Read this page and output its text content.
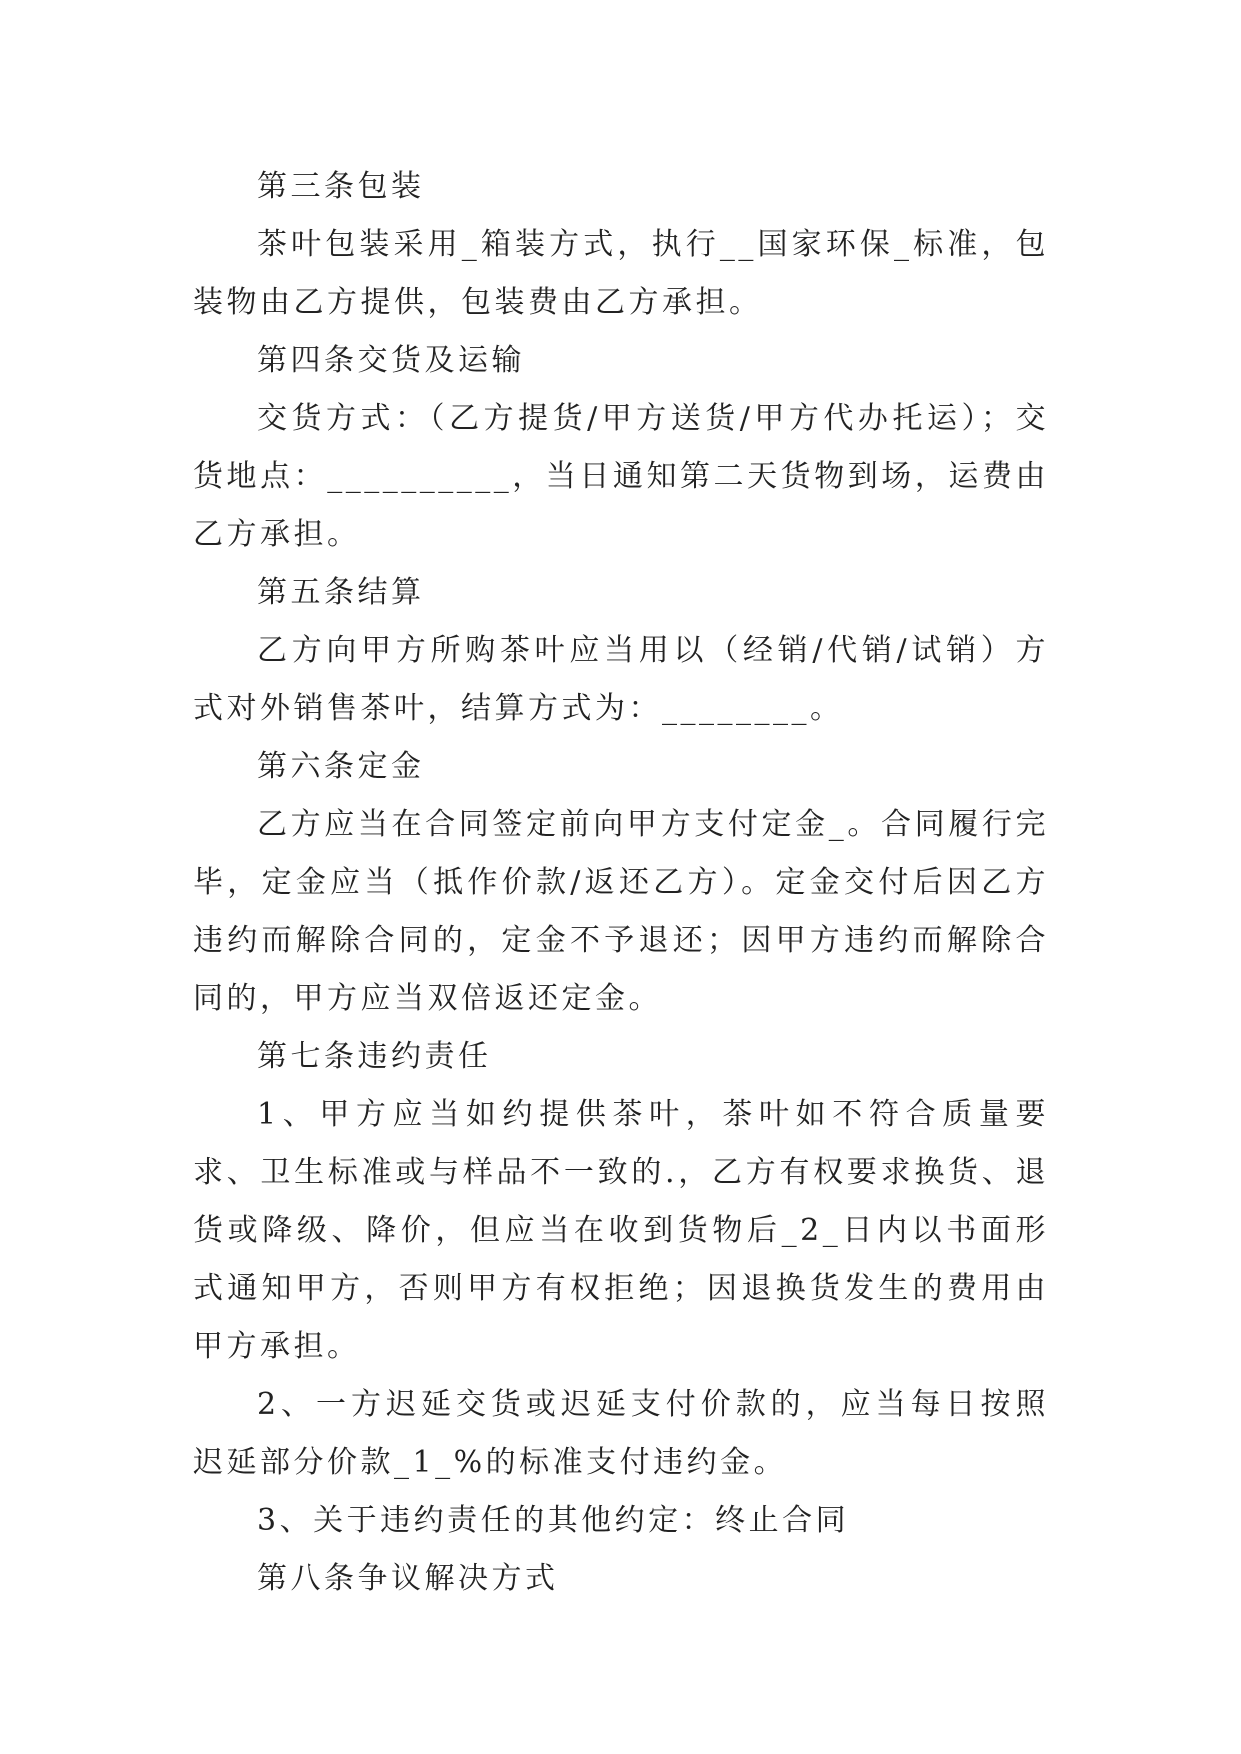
第三条包装

茶叶包装采用_箱装方式，执行__国家环保_标准，包装物由乙方提供，包装费由乙方承担。

第四条交货及运输

交货方式：（乙方提货/甲方送货/甲方代办托运）；交货地点：__________，当日通知第二天货物到场，运费由乙方承担。

第五条结算

乙方向甲方所购茶叶应当用以（经销/代销/试销）方式对外销售茶叶，结算方式为：________。

第六条定金

乙方应当在合同签定前向甲方支付定金_。合同履行完毕，定金应当（抵作价款/返还乙方）。定金交付后因乙方违约而解除合同的，定金不予退还；因甲方违约而解除合同的，甲方应当双倍返还定金。

第七条违约责任

1、甲方应当如约提供茶叶，茶叶如不符合质量要求、卫生标准或与样品不一致的.，乙方有权要求换货、退货或降级、降价，但应当在收到货物后_2_日内以书面形式通知甲方，否则甲方有权拒绝；因退换货发生的费用由甲方承担。

2、一方迟延交货或迟延支付价款的，应当每日按照迟延部分价款_1_%的标准支付违约金。

3、关于违约责任的其他约定：终止合同

第八条争议解决方式
